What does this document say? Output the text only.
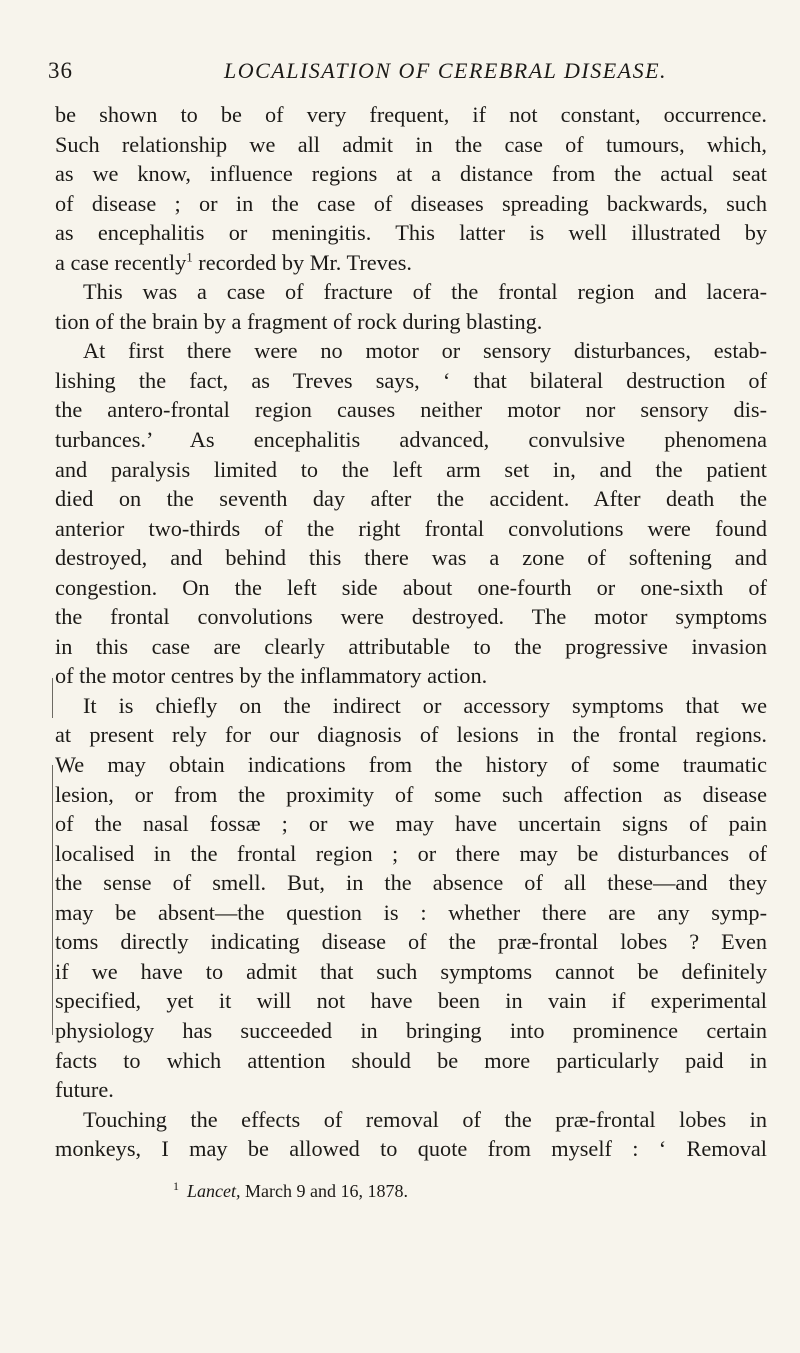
36	LOCALISATION OF CEREBRAL DISEASE.
be shown to be of very frequent, if not constant, occurrence.
Such relationship we all admit in the case of tumours, which,
as we know, influence regions at a distance from the actual seat
of disease ; or in the case of diseases spreading backwards, such
as encephalitis or meningitis. This latter is well illustrated by
a case recently$^1$ recorded by Mr. Treves.
This was a case of fracture of the frontal region and lacera-
tion of the brain by a fragment of rock during blasting.
At first there were no motor or sensory disturbances, estab-
lishing the fact, as Treves says, ‘ that bilateral destruction of
the antero-frontal region causes neither motor nor sensory dis-
turbances.’ As encephalitis advanced, convulsive phenomena
and paralysis limited to the left arm set in, and the patient
died on the seventh day after the accident. After death the
anterior two-thirds of the right frontal convolutions were found
destroyed, and behind this there was a zone of softening and
congestion. On the left side about one-fourth or one-sixth of
the frontal convolutions were destroyed. The motor symptoms
in this case are clearly attributable to the progressive invasion
of the motor centres by the inflammatory action.
It is chiefly on the indirect or accessory symptoms that we
at present rely for our diagnosis of lesions in the frontal regions.
We may obtain indications from the history of some traumatic
lesion, or from the proximity of some such affection as disease
of the nasal fossæ ; or we may have uncertain signs of pain
localised in the frontal region ; or there may be disturbances of
the sense of smell. But, in the absence of all these—and they
may be absent—the question is : whether there are any symp-
toms directly indicating disease of the præ-frontal lobes ? Even
if we have to admit that such symptoms cannot be definitely
specified, yet it will not have been in vain if experimental
physiology has succeeded in bringing into prominence certain
facts to which attention should be more particularly paid in
future.
Touching the effects of removal of the præ-frontal lobes in
monkeys, I may be allowed to quote from myself : ‘ Removal
$^1$ Lancet, March 9 and 16, 1878.
